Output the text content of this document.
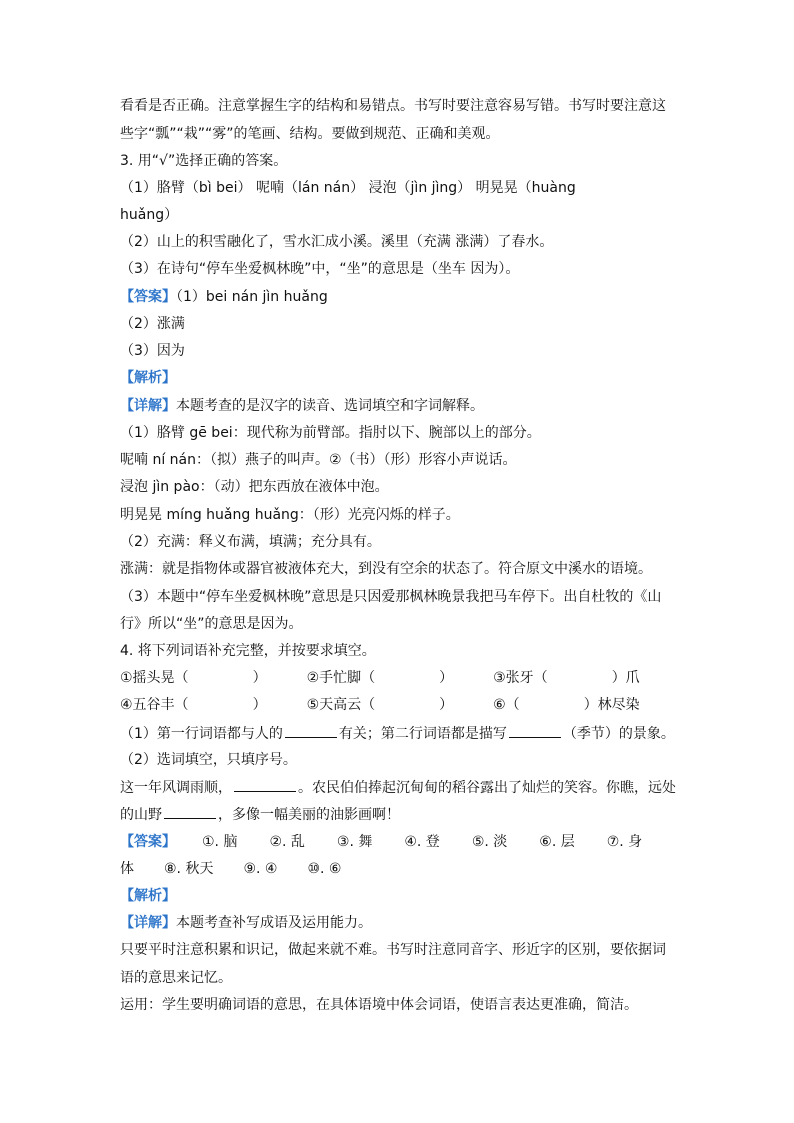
看看是否正确。注意掌握生字的结构和易错点。书写时要注意容易写错。书写时要注意这
些字“瓢”“栽”“雾”的笔画、结构。要做到规范、正确和美观。
3. 用“√”选择正确的答案。
（1）胳臂（bì bei） 呢喃（lán nán） 浸泡（jìn jìng） 明晃晃（huàng
huǎng）
（2）山上的积雪融化了，雪水汇成小溪。溪里（充满 涨满）了春水。
（3）在诗句“停车坐爱枫林晚”中，“坐”的意思是（坐车 因为）。
【答案】（1）bei nán jìn huǎng
（2）涨满
（3）因为
【解析】
【详解】本题考查的是汉字的读音、选词填空和字词解释。
（1）胳臂 gē bei：现代称为前臂部。指肘以下、腕部以上的部分。
呢喃 ní nán：（拟）燕子的叫声。②（书）（形）形容小声说话。
浸泡 jìn pào：（动）把东西放在液体中泡。
明晃晃 míng huǎng huǎng：（形）光亮闪烁的样子。
（2）充满：释义布满，填满；充分具有。
涨满：就是指物体或器官被液体充大，到没有空余的状态了。符合原文中溪水的语境。
（3）本题中“停车坐爱枫林晚”意思是只因爱那枫林晚景我把马车停下。出自杜牧的《山
行》所以“坐”的意思是因为。
4. 将下列词语补充完整，并按要求填空。
①摇头晃（	）	②手忙脚（	）	③张牙（	）爪
④五谷丰（	）	⑤天高云（	）	⑥（	）林尽染
（1）第一行词语都与人的	有关；第二行词语都是描写	（季节）的景象。
（2）选词填空，只填序号。
这一年风调雨顺，	。农民伯伯捧起沉甸甸的稻谷露出了灿烂的笑容。你瞧，远处
的山野	，多像一幅美丽的油影画啊！
【答案】 ①. 脑 ②. 乱 ③. 舞 ④. 登 ⑤. 淡 ⑥. 层 ⑦. 身
体 ⑧. 秋天 ⑨. ④ ⑩. ⑥
【解析】
【详解】本题考查补写成语及运用能力。
只要平时注意积累和识记，做起来就不难。书写时注意同音字、形近字的区别，要依据词
语的意思来记忆。
运用：学生要明确词语的意思，在具体语境中体会词语，使语言表达更准确，简洁。
